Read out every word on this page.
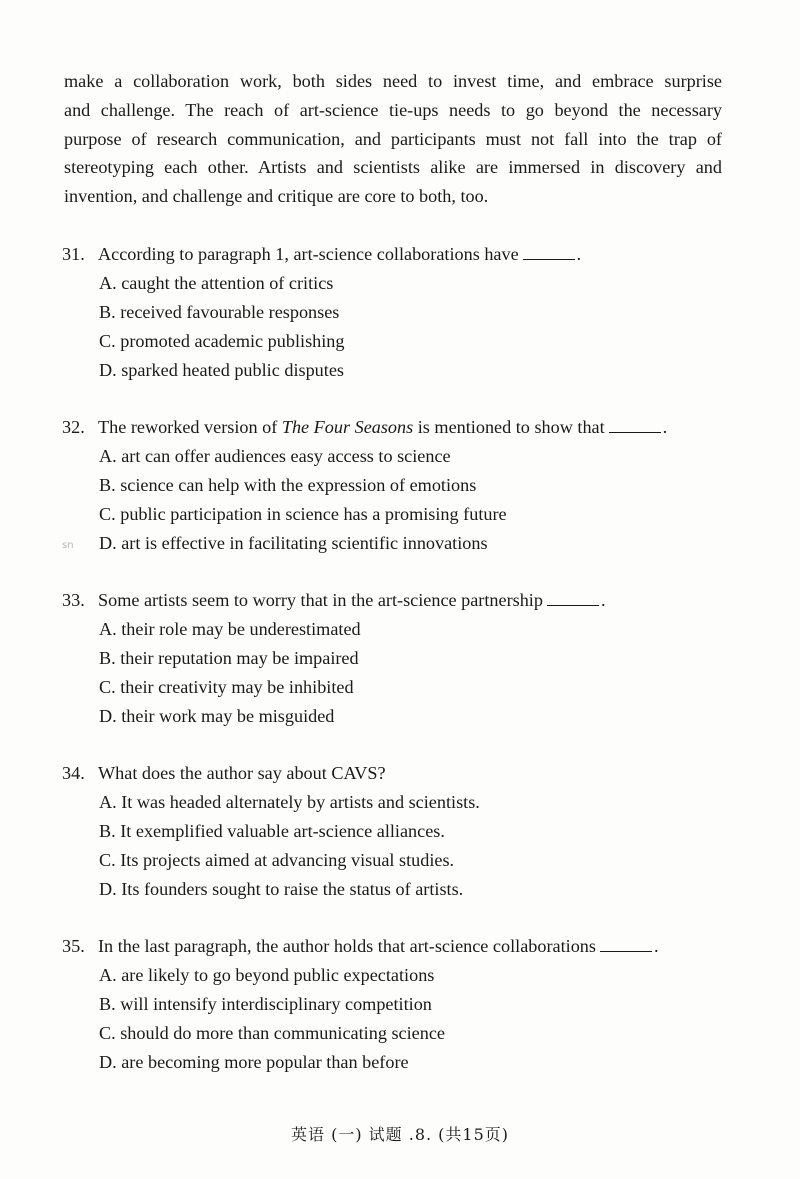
make a collaboration work, both sides need to invest time, and embrace surprise
and challenge. The reach of art-science tie-ups needs to go beyond the necessary
purpose of research communication, and participants must not fall into the trap of
stereotyping each other. Artists and scientists alike are immersed in discovery and
invention, and challenge and critique are core to both, too.
31. According to paragraph 1, art-science collaborations have	.
A. caught the attention of critics
B. received favourable responses
C. promoted academic publishing
D. sparked heated public disputes
32. The reworked version of The Four Seasons is mentioned to show that	.
A. art can offer audiences easy access to science
B. science can help with the expression of emotions
C. public participation in science has a promising future
D. art is effective in facilitating scientific innovations
33. Some artists seem to worry that in the art-science partnership	.
A. their role may be underestimated
B. their reputation may be impaired
C. their creativity may be inhibited
D. their work may be misguided
34. What does the author say about CAVS?
A. It was headed alternately by artists and scientists.
B. It exemplified valuable art-science alliances.
C. Its projects aimed at advancing visual studies.
D. Its founders sought to raise the status of artists.
35. In the last paragraph, the author holds that art-science collaborations	.
A. are likely to go beyond public expectations
B. will intensify interdisciplinary competition
C. should do more than communicating science
D. are becoming more popular than before
sn
英语 (一) 试题 .8. (共15页)
